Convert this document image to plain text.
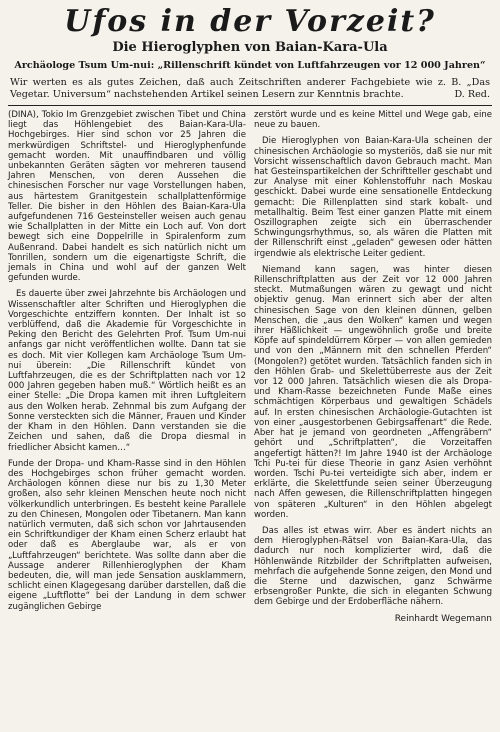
Ufos in der Vorzeit?
Die Hieroglyphen von Baian-Kara-Ula
Archäologe Tsum Um-nui: „Rillenschrift kündet von Luftfahrzeugen vor 12 000 Jahren“
Wir werten es als gutes Zeichen, daß auch Zeitschriften anderer Fachgebiete wie z. B. „Das Vegetar. Universum“ nachstehenden Artikel seinen Lesern zur Kenntnis brachte.	D. Red.

(DINA), Tokio Im Grenzgebiet zwischen Tibet und China liegt das Höhlengebiet des Baian-Kara-Ula-Hochgebirges. Hier sind schon vor 25 Jahren die merkwürdigen Schriftstel- und Hieroglyphenfunde gemacht worden. Mit unauffindbaren und völlig unbekannten Geräten sägten vor mehreren tausend Jahren Menschen, von deren Aussehen die chinesischen Forscher nur vage Vorstellungen haben, aus härtestem Granitgestein schallplattenförmige Teller. Die bisher in den Höhlen des Baian-Kara-Ula aufgefundenen 716 Gesteinsteller weisen auch genau wie Schallplatten in der Mitte ein Loch auf. Von dort bewegt sich eine Doppelrille in Spiralenform zum Außenrand. Dabei handelt es sich natürlich nicht um Tonrillen, sondern um die eigenartigste Schrift, die jemals in China und wohl auf der ganzen Welt gefunden wurde.

Es dauerte über zwei Jahrzehnte bis Archäologen und Wissenschaftler alter Schriften und Hieroglyphen die Vorgeschichte entziffern konnten. Der Inhalt ist so verblüffend, daß die Akademie für Vorgeschichte in Peking den Bericht des Gelehrten Prof. Tsum Um-nui anfangs gar nicht veröffentlichen wollte. Dann tat sie es doch. Mit vier Kollegen kam Archäologe Tsum Um-nui überein: „Die Rillenschrift kündet von Luftfahrzeugen, die es der Schriftplatten nach vor 12 000 Jahren gegeben haben muß.“ Wörtlich heißt es an einer Stelle: „Die Dropa kamen mit ihren Luftgleitern aus den Wolken herab. Zehnmal bis zum Aufgang der Sonne versteckten sich die Männer, Frauen und Kinder der Kham in den Höhlen. Dann verstanden sie die Zeichen und sahen, daß die Dropa diesmal in friedlicher Absicht kamen…“

Funde der Dropa- und Kham-Rasse sind in den Höhlen des Hochgebirges schon früher gemacht worden. Archäologen können diese nur bis zu 1,30 Meter großen, also sehr kleinen Menschen heute noch nicht völkerkundlich unterbringen. Es besteht keine Parallele zu den Chinesen, Mongolen oder Tibetanern. Man kann natürlich vermuten, daß sich schon vor Jahrtausenden ein Schriftkundiger der Kham einen Scherz erlaubt hat oder daß es Aberglaube war, als er von „Luftfahrzeugen“ berichtete. Was sollte dann aber die Aussage anderer Rillenhieroglyphen der Kham bedeuten, die, will man jede Sensation ausklammern, schlicht einen Klagegesang darüber darstellen, daß die eigene „Luftflotte“ bei der Landung in dem schwer zugänglichen Gebirge

zerstört wurde und es keine Mittel und Wege gab, eine neue zu bauen.

Die Hieroglyphen von Baian-Kara-Ula scheinen der chinesischen Archäologie so mysteriös, daß sie nur mit Vorsicht wissenschaftlich davon Gebrauch macht. Man hat Gesteinspartikelchen der Schriftteller geschabt und zur Analyse mit einer Kohlenstoffuhr nach Moskau geschickt. Dabei wurde eine sensationelle Entdeckung gemacht: Die Rillenplatten sind stark kobalt- und metallhaltig. Beim Test einer ganzen Platte mit einem Oszillographen zeigte sich ein überraschender Schwingungsrhythmus, so, als wären die Platten mit der Rillenschrift einst „geladen“ gewesen oder hätten irgendwie als elektrische Leiter gedient.

Niemand kann sagen, was hinter diesen Rillenschriftplatten aus der Zeit vor 12 000 Jahren steckt. Mutmaßungen wären zu gewagt und nicht objektiv genug. Man erinnert sich aber der alten chinesischen Sage von den kleinen dünnen, gelben Menschen, die „aus den Wolken“ kamen und wegen ihrer Häßlichkeit — ungewöhnlich große und breite Köpfe auf spindeldürrem Körper — von allen gemieden und von den „Männern mit den schnellen Pferden“ (Mongolen?) getötet wurden. Tatsächlich fanden sich in den Höhlen Grab- und Skelettüberreste aus der Zeit vor 12 000 Jahren. Tatsächlich wiesen die als Dropa- und Kham-Rasse bezeichneten Funde Maße eines schmächtigen Körperbaus und gewaltigen Schädels auf. In ersten chinesischen Archäologie-Gutachten ist von einer „ausgestorbenen Gebirgsaffenart“ die Rede. Aber hat je jemand von geordneten „Affengräbern“ gehört und „Schriftplatten“, die Vorzeitaffen angefertigt hätten?! Im Jahre 1940 ist der Archäologe Tchi Pu-tei für diese Theorie in ganz Asien verhöhnt worden. Tschi Pu-tei verteidigte sich aber, indem er erklärte, die Skelettfunde seien seiner Überzeugung nach Affen gewesen, die Rillenschriftplatten hingegen von späteren „Kulturen“ in den Höhlen abgelegt worden.

Das alles ist etwas wirr. Aber es ändert nichts an dem Hieroglyphen-Rätsel von Baian-Kara-Ula, das dadurch nur noch komplizierter wird, daß die Höhlenwände Ritzbilder der Schriftplatten aufweisen, mehrfach die aufgehende Sonne zeigen, den Mond und die Sterne und dazwischen, ganz Schwärme erbsengroßer Punkte, die sich in eleganten Schwung dem Gebirge und der Erdoberfläche nähern.

Reinhardt Wegemann
